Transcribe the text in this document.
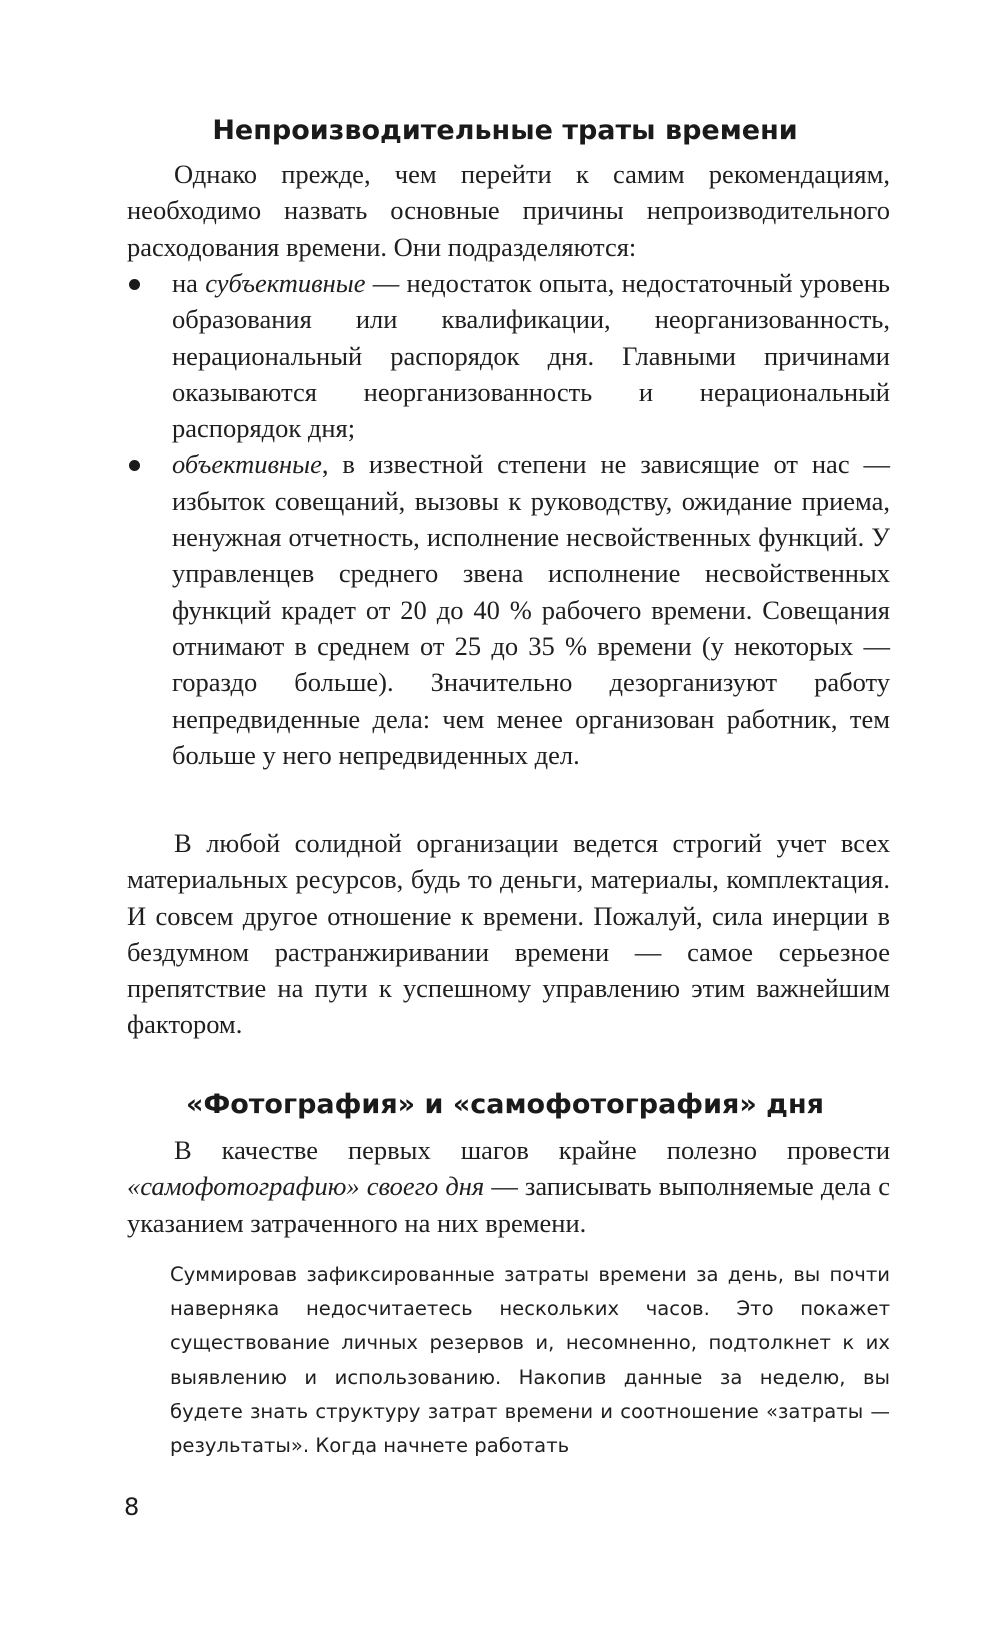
Непроизводительные траты времени

Однако прежде, чем перейти к самим рекомендациям, необходимо назвать основные причины непроизводительного расходования времени. Они подразделяются:

на субъективные — недостаток опыта, недостаточный уровень образования или квалификации, неорганизованность, нерациональный распорядок дня. Главными причинами оказываются неорганизованность и нерациональный распорядок дня;
объективные, в известной степени не зависящие от нас — избыток совещаний, вызовы к руководству, ожидание приема, ненужная отчетность, исполнение несвойственных функций. У управленцев среднего звена исполнение несвойственных функций крадет от 20 до 40 % рабочего времени. Совещания отнимают в среднем от 25 до 35 % времени (у некоторых — гораздо больше). Значительно дезорганизуют работу непредвиденные дела: чем менее организован работник, тем больше у него непредвиденных дел.

В любой солидной организации ведется строгий учет всех материальных ресурсов, будь то деньги, материалы, комплектация. И совсем другое отношение к времени. Пожалуй, сила инерции в бездумном растранжиривании времени — самое серьезное препятствие на пути к успешному управлению этим важнейшим фактором.

«Фотография» и «самофотография» дня

В качестве первых шагов крайне полезно провести «самофотографию» своего дня — записывать выполняемые дела с указанием затраченного на них времени.

Суммировав зафиксированные затраты времени за день, вы почти наверняка недосчитаетесь нескольких часов. Это покажет существование личных резервов и, несомненно, подтолкнет к их выявлению и использованию. Накопив данные за неделю, вы будете знать структуру затрат времени и соотношение «затраты — результаты». Когда начнете работать

8
